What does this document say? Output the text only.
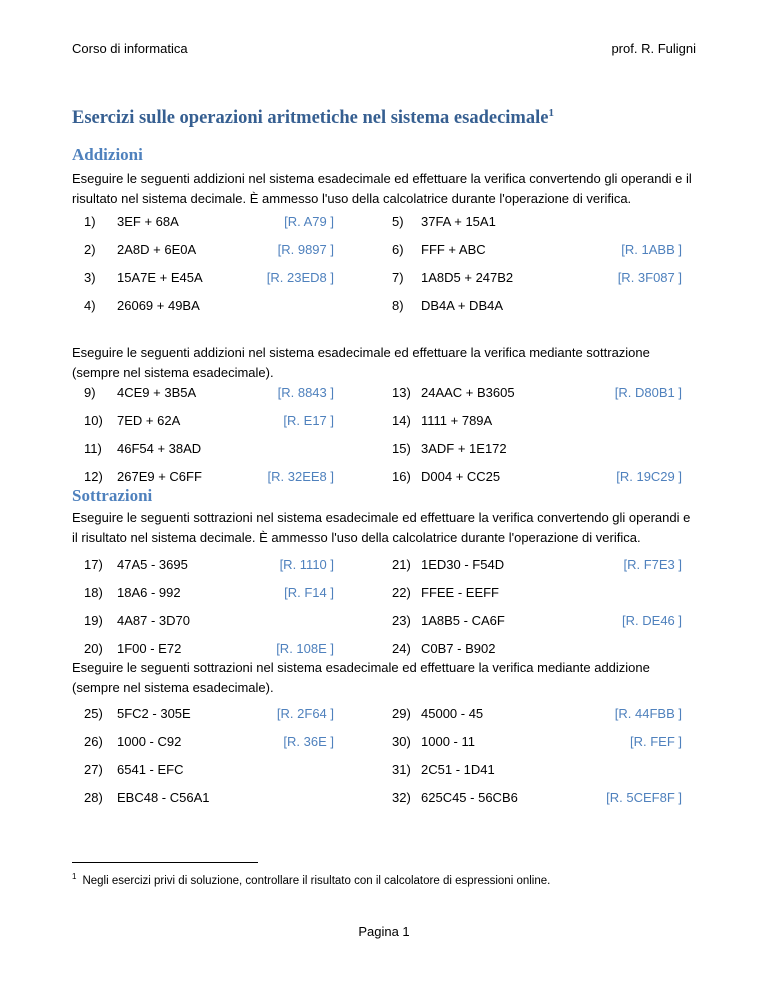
Corso di informatica	prof. R. Fuligni
Esercizi sulle operazioni aritmetiche nel sistema esadecimale$^1$
Addizioni

Eseguire le seguenti addizioni nel sistema esadecimale ed effettuare la verifica convertendo gli operandi e il risultato nel sistema decimale. È ammesso l'uso della calcolatrice durante l'operazione di verifica.

1) 3EF + 68A	[R. A79 ]	5) 37FA + 15A1
2) 2A8D + 6E0A	[R. 9897 ]	6) FFF + ABC	[R. 1ABB ]
3) 15A7E + E45A	[R. 23ED8 ]	7) 1A8D5 + 247B2	[R. 3F087 ]
4) 26069 + 49BA	8) DB4A + DB4A

Eseguire le seguenti addizioni nel sistema esadecimale ed effettuare la verifica mediante sottrazione (sempre nel sistema esadecimale).

9) 4CE9 + 3B5A	[R. 8843 ]	13) 24AAC + B3605	[R. D80B1 ]
10) 7ED + 62A	[R. E17 ]	14) 1111 + 789A
11) 46F54 + 38AD	15) 3ADF + 1E172
12) 267E9 + C6FF	[R. 32EE8 ]	16) D004 + CC25	[R. 19C29 ]
Sottrazioni

Eseguire le seguenti sottrazioni nel sistema esadecimale ed effettuare la verifica convertendo gli operandi e il risultato nel sistema decimale. È ammesso l'uso della calcolatrice durante l'operazione di verifica.

17) 47A5 - 3695	[R. 1110 ]	21) 1ED30 - F54D	[R. F7E3 ]
18) 18A6 - 992	[R. F14 ]	22) FFEE - EEFF
19) 4A87 - 3D70	23) 1A8B5 - CA6F	[R. DE46 ]
20) 1F00 - E72	[R. 108E ]	24) C0B7 - B902

Eseguire le seguenti sottrazioni nel sistema esadecimale ed effettuare la verifica mediante addizione (sempre nel sistema esadecimale).

25) 5FC2 - 305E	[R. 2F64 ]	29) 45000 - 45	[R. 44FBB ]
26) 1000 - C92	[R. 36E ]	30) 1000 - 11	[R. FEF ]
27) 6541 - EFC	31) 2C51 - 1D41
28) EBC48 - C56A1	32) 625C45 - 56CB6	[R. 5CEF8F ]
$^1$ Negli esercizi privi di soluzione, controllare il risultato con il calcolatore di espressioni online.
Pagina 1
